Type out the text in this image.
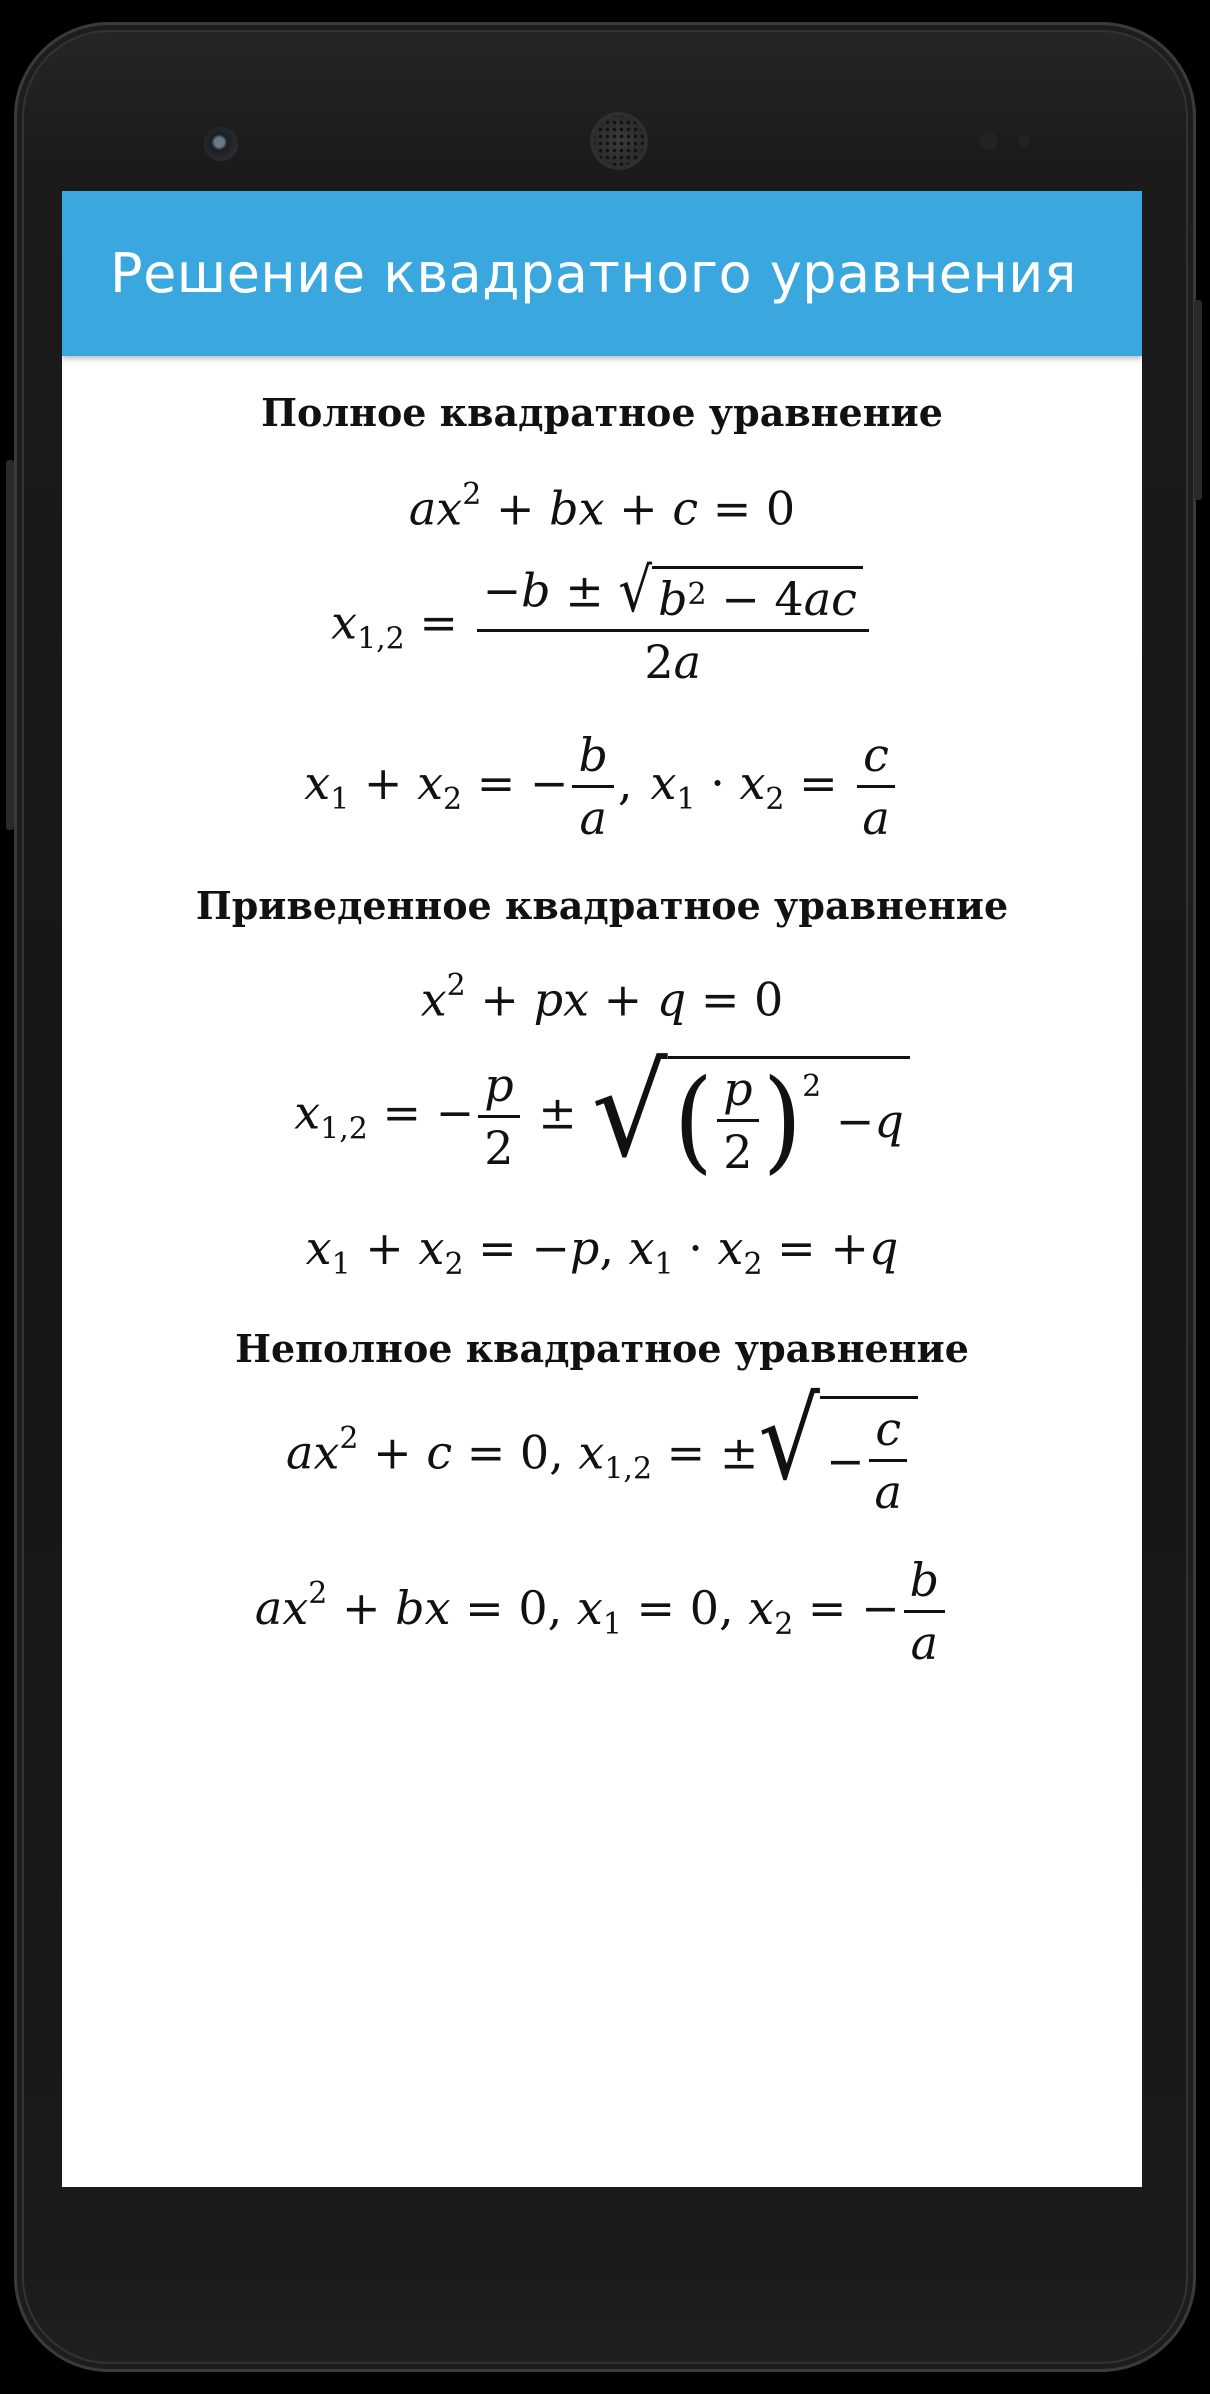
Решение квадратного уравнения
Полное квадратное уравнение
$ax^2$ + bx + c = 0
$x_{1,2} = \frac{-b \pm √ b^2 - 4 ac}{2a}$
$x_1 + x_2$ = − $\frac{b}{a}$ , $x_1 \cdot x_2 = \frac{c}{a}$
Приведенное квадратное уравнение
$x^2$ + px + q = 0
$x_{1,2}$ = − $\frac{p}{2}$ ± √ ( $\frac{p}{2} )^2$
− q
$x_1 + x_2 = -p$, $x_1 \cdot x_2 = +q$
Неполное квадратное уравнение
$ax^2 + c = 0$, $x_{1,2}$ = ± √ − $\frac{c}{a}$
$ax^2$ + bx = 0, $x_1 = 0$, $x_2$ = − $\frac{b}{a}$
